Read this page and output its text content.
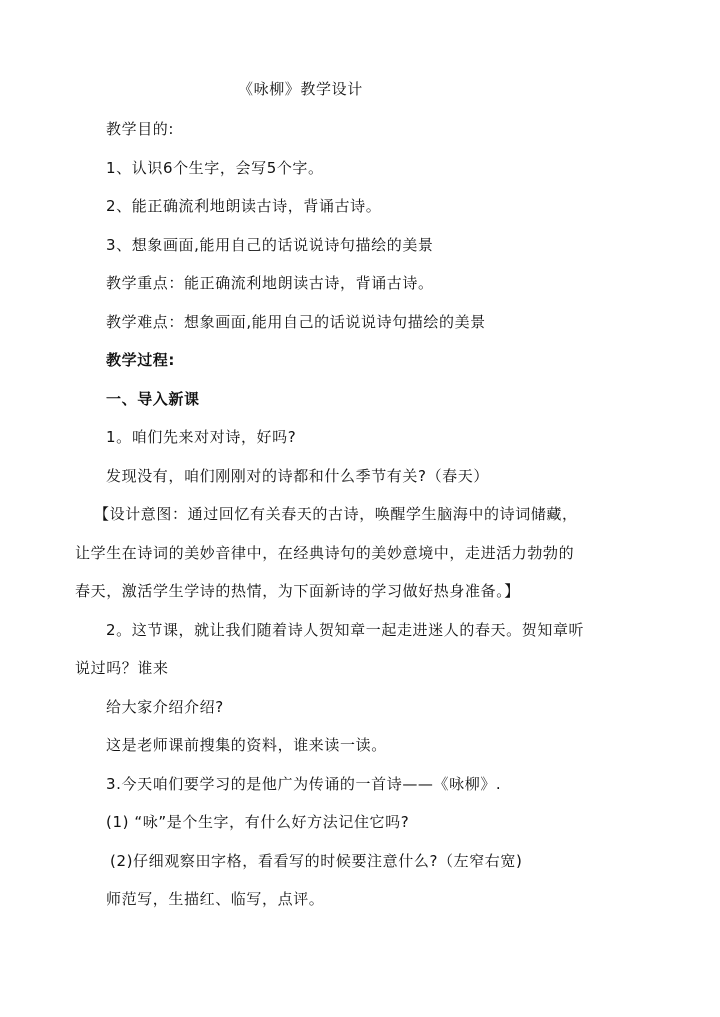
《咏柳》教学设计
教学目的:
1、认识6个生字，会写5个字。
2、能正确流利地朗读古诗，背诵古诗。
3、想象画面,能用自己的话说说诗句描绘的美景
教学重点：能正确流利地朗读古诗，背诵古诗。
教学难点：想象画面,能用自己的话说说诗句描绘的美景
教学过程:
一、导入新课
1。咱们先来对对诗，好吗?
发现没有，咱们刚刚对的诗都和什么季节有关?（春天）
【设计意图：通过回忆有关春天的古诗，唤醒学生脑海中的诗词储藏，
让学生在诗词的美妙音律中，在经典诗句的美妙意境中，走进活力勃勃的
春天，激活学生学诗的热情，为下面新诗的学习做好热身准备。】
2。这节课，就让我们随着诗人贺知章一起走进迷人的春天。贺知章听
说过吗？谁来
给大家介绍介绍?
这是老师课前搜集的资料，谁来读一读。
3.今天咱们要学习的是他广为传诵的一首诗——《咏柳》.
(1) “咏”是个生字，有什么好方法记住它吗?
(2)仔细观察田字格，看看写的时候要注意什么?（左窄右宽)
师范写，生描红、临写，点评。
